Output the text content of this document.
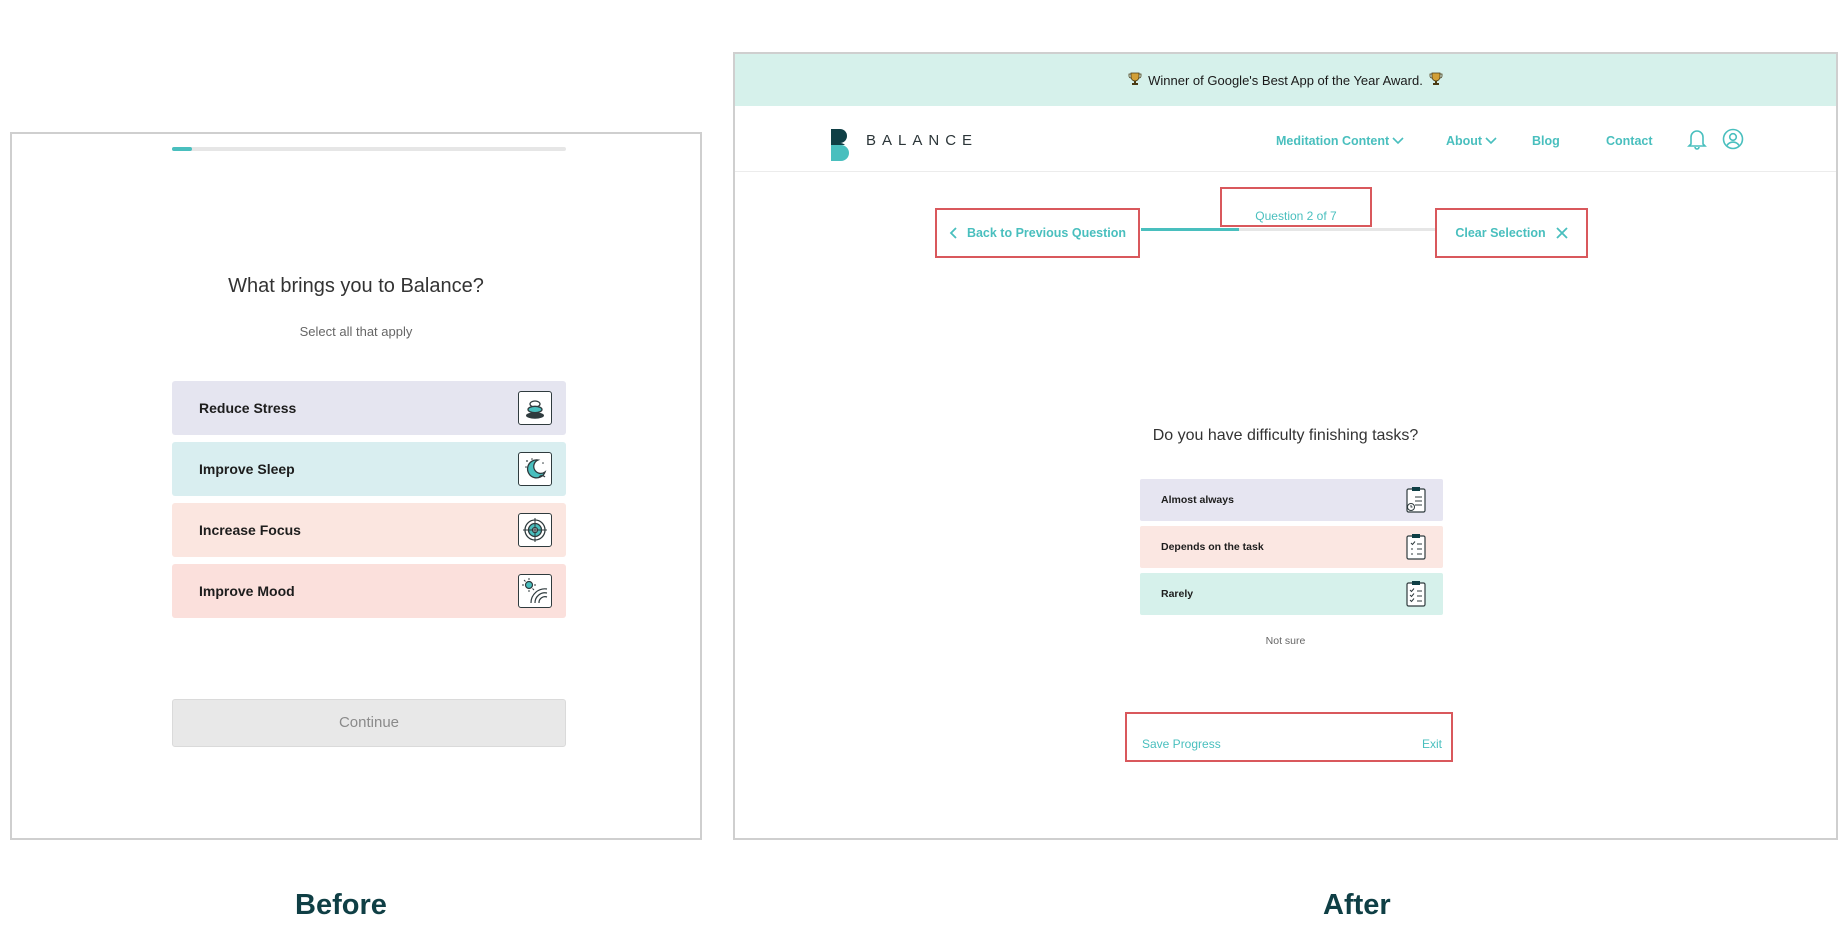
What brings you to Balance?
Select all that apply
Reduce Stress
Improve Sleep
Increase Focus
Improve Mood
Continue
Winner of Google's Best App of the Year Award.
BALANCE	Meditation Content	About	Blog	Contact
Back to Previous Question
Question 2 of 7
Clear Selection
Do you have difficulty finishing tasks?
Almost always
Depends on the task
Rarely
Not sure
Save Progress	Exit
Before	After
